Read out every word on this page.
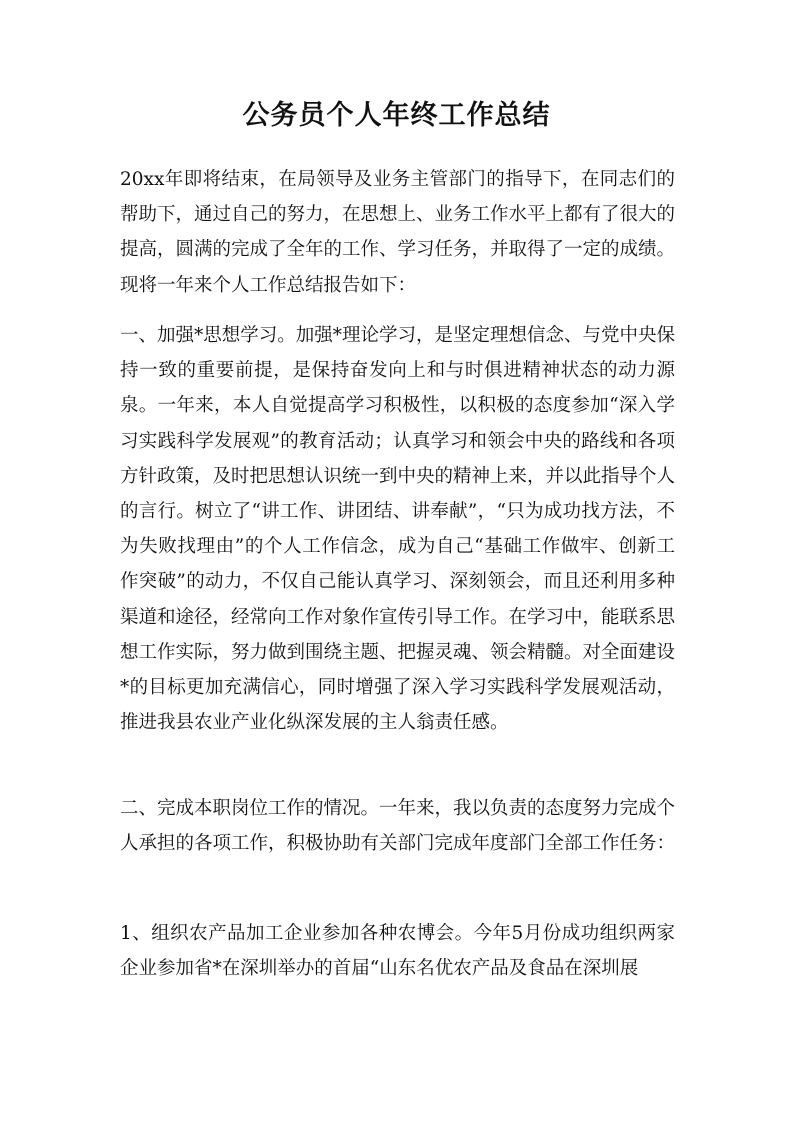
公务员个人年终工作总结

20xx年即将结束，在局领导及业务主管部门的指导下，在同志们的帮助下，通过自己的努力，在思想上、业务工作水平上都有了很大的提高，圆满的完成了全年的工作、学习任务，并取得了一定的成绩。现将一年来个人工作总结报告如下：

一、加强*思想学习。加强*理论学习，是坚定理想信念、与党中央保持一致的重要前提，是保持奋发向上和与时俱进精神状态的动力源泉。一年来，本人自觉提高学习积极性，以积极的态度参加“深入学习实践科学发展观”的教育活动；认真学习和领会中央的路线和各项方针政策，及时把思想认识统一到中央的精神上来，并以此指导个人的言行。树立了“讲工作、讲团结、讲奉献”，“只为成功找方法，不为失败找理由”的个人工作信念，成为自己“基础工作做牢、创新工作突破”的动力，不仅自己能认真学习、深刻领会，而且还利用多种渠道和途径，经常向工作对象作宣传引导工作。在学习中，能联系思想工作实际，努力做到围绕主题、把握灵魂、领会精髓。对全面建设*的目标更加充满信心，同时增强了深入学习实践科学发展观活动，推进我县农业产业化纵深发展的主人翁责任感。

二、完成本职岗位工作的情况。一年来，我以负责的态度努力完成个人承担的各项工作，积极协助有关部门完成年度部门全部工作任务：

1、组织农产品加工企业参加各种农博会。今年5月份成功组织两家企业参加省*在深圳举办的首届“山东名优农产品及食品在深圳展
